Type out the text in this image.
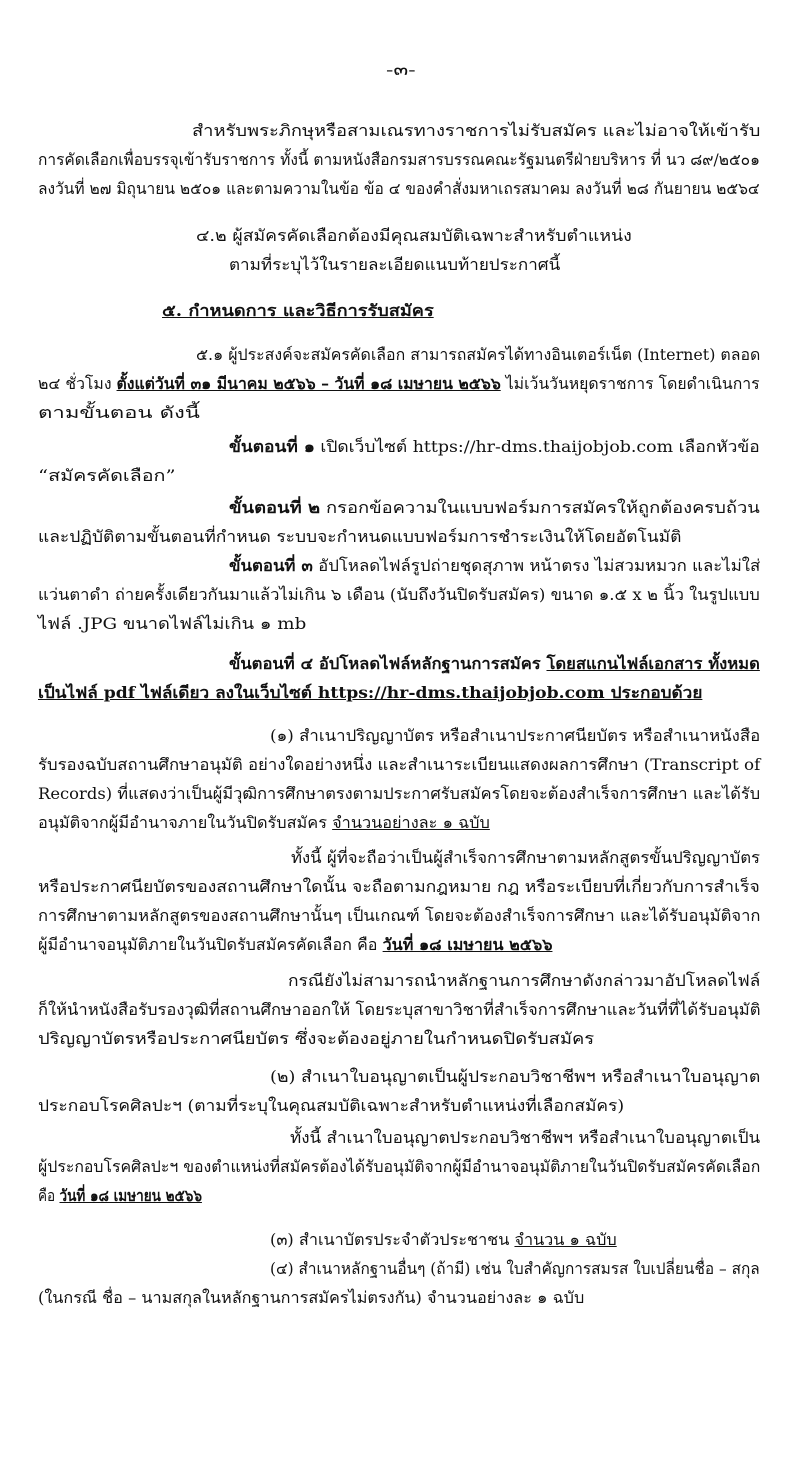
-๓-

สำหรับพระภิกษุหรือสามเณรทางราชการไม่รับสมัคร และไม่อาจให้เข้ารับ

การคัดเลือกเพื่อบรรจุเข้ารับราชการ ทั้งนี้ ตามหนังสือกรมสารบรรณคณะรัฐมนตรีฝ่ายบริหาร ที่ นว ๘๙/๒๕๐๑

ลงวันที่ ๒๗ มิถุนายน ๒๕๐๑ และตามความในข้อ ข้อ ๔ ของคำสั่งมหาเถรสมาคม ลงวันที่ ๒๘ กันยายน ๒๕๖๔

๔.๒ ผู้สมัครคัดเลือกต้องมีคุณสมบัติเฉพาะสำหรับตำแหน่ง

ตามที่ระบุไว้ในรายละเอียดแนบท้ายประกาศนี้

๕. กำหนดการ และวิธีการรับสมัคร

๕.๑ ผู้ประสงค์จะสมัครคัดเลือก สามารถสมัครได้ทางอินเตอร์เน็ต (Internet) ตลอด

๒๔ ชั่วโมง ตั้งแต่วันที่ ๓๑ มีนาคม ๒๕๖๖ – วันที่ ๑๘ เมษายน ๒๕๖๖ ไม่เว้นวันหยุดราชการ โดยดำเนินการ

ตามขั้นตอน ดังนี้

ขั้นตอนที่ ๑ เปิดเว็บไซต์ https://hr-dms.thaijobjob.com เลือกหัวข้อ

“สมัครคัดเลือก”

ขั้นตอนที่ ๒ กรอกข้อความในแบบฟอร์มการสมัครให้ถูกต้องครบถ้วน

และปฏิบัติตามขั้นตอนที่กำหนด ระบบจะกำหนดแบบฟอร์มการชำระเงินให้โดยอัตโนมัติ

ขั้นตอนที่ ๓ อัปโหลดไฟล์รูปถ่ายชุดสุภาพ หน้าตรง ไม่สวมหมวก และไม่ใส่

แว่นตาดำ ถ่ายครั้งเดียวกันมาแล้วไม่เกิน ๖ เดือน (นับถึงวันปิดรับสมัคร) ขนาด ๑.๕ x ๒ นิ้ว ในรูปแบบ

ไฟล์ .JPG ขนาดไฟล์ไม่เกิน ๑ mb

ขั้นตอนที่ ๔ อัปโหลดไฟล์หลักฐานการสมัคร โดยสแกนไฟล์เอกสาร ทั้งหมด

เป็นไฟล์ pdf ไฟล์เดียว ลงในเว็บไซต์ https://hr-dms.thaijobjob.com ประกอบด้วย

(๑) สำเนาปริญญาบัตร หรือสำเนาประกาศนียบัตร หรือสำเนาหนังสือ

รับรองฉบับสถานศึกษาอนุมัติ อย่างใดอย่างหนึ่ง และสำเนาระเบียนแสดงผลการศึกษา (Transcript of

Records) ที่แสดงว่าเป็นผู้มีวุฒิการศึกษาตรงตามประกาศรับสมัครโดยจะต้องสำเร็จการศึกษา และได้รับ

อนุมัติจากผู้มีอำนาจภายในวันปิดรับสมัคร จำนวนอย่างละ ๑ ฉบับ

ทั้งนี้ ผู้ที่จะถือว่าเป็นผู้สำเร็จการศึกษาตามหลักสูตรขั้นปริญญาบัตร

หรือประกาศนียบัตรของสถานศึกษาใดนั้น จะถือตามกฎหมาย กฎ หรือระเบียบที่เกี่ยวกับการสำเร็จ

การศึกษาตามหลักสูตรของสถานศึกษานั้นๆ เป็นเกณฑ์ โดยจะต้องสำเร็จการศึกษา และได้รับอนุมัติจาก

ผู้มีอำนาจอนุมัติภายในวันปิดรับสมัครคัดเลือก คือ วันที่ ๑๘ เมษายน ๒๕๖๖

กรณียังไม่สามารถนำหลักฐานการศึกษาดังกล่าวมาอัปโหลดไฟล์

ก็ให้นำหนังสือรับรองวุฒิที่สถานศึกษาออกให้ โดยระบุสาขาวิชาที่สำเร็จการศึกษาและวันที่ที่ได้รับอนุมัติ

ปริญญาบัตรหรือประกาศนียบัตร ซึ่งจะต้องอยู่ภายในกำหนดปิดรับสมัคร

(๒) สำเนาใบอนุญาตเป็นผู้ประกอบวิชาชีพฯ หรือสำเนาใบอนุญาต

ประกอบโรคศิลปะฯ (ตามที่ระบุในคุณสมบัติเฉพาะสำหรับตำแหน่งที่เลือกสมัคร)

ทั้งนี้ สำเนาใบอนุญาตประกอบวิชาชีพฯ หรือสำเนาใบอนุญาตเป็น

ผู้ประกอบโรคศิลปะฯ ของตำแหน่งที่สมัครต้องได้รับอนุมัติจากผู้มีอำนาจอนุมัติภายในวันปิดรับสมัครคัดเลือก

คือ วันที่ ๑๘ เมษายน ๒๕๖๖

(๓) สำเนาบัตรประจำตัวประชาชน จำนวน ๑ ฉบับ

(๔) สำเนาหลักฐานอื่นๆ (ถ้ามี) เช่น ใบสำคัญการสมรส ใบเปลี่ยนชื่อ – สกุล

(ในกรณี ชื่อ – นามสกุลในหลักฐานการสมัครไม่ตรงกัน) จำนวนอย่างละ ๑ ฉบับ
